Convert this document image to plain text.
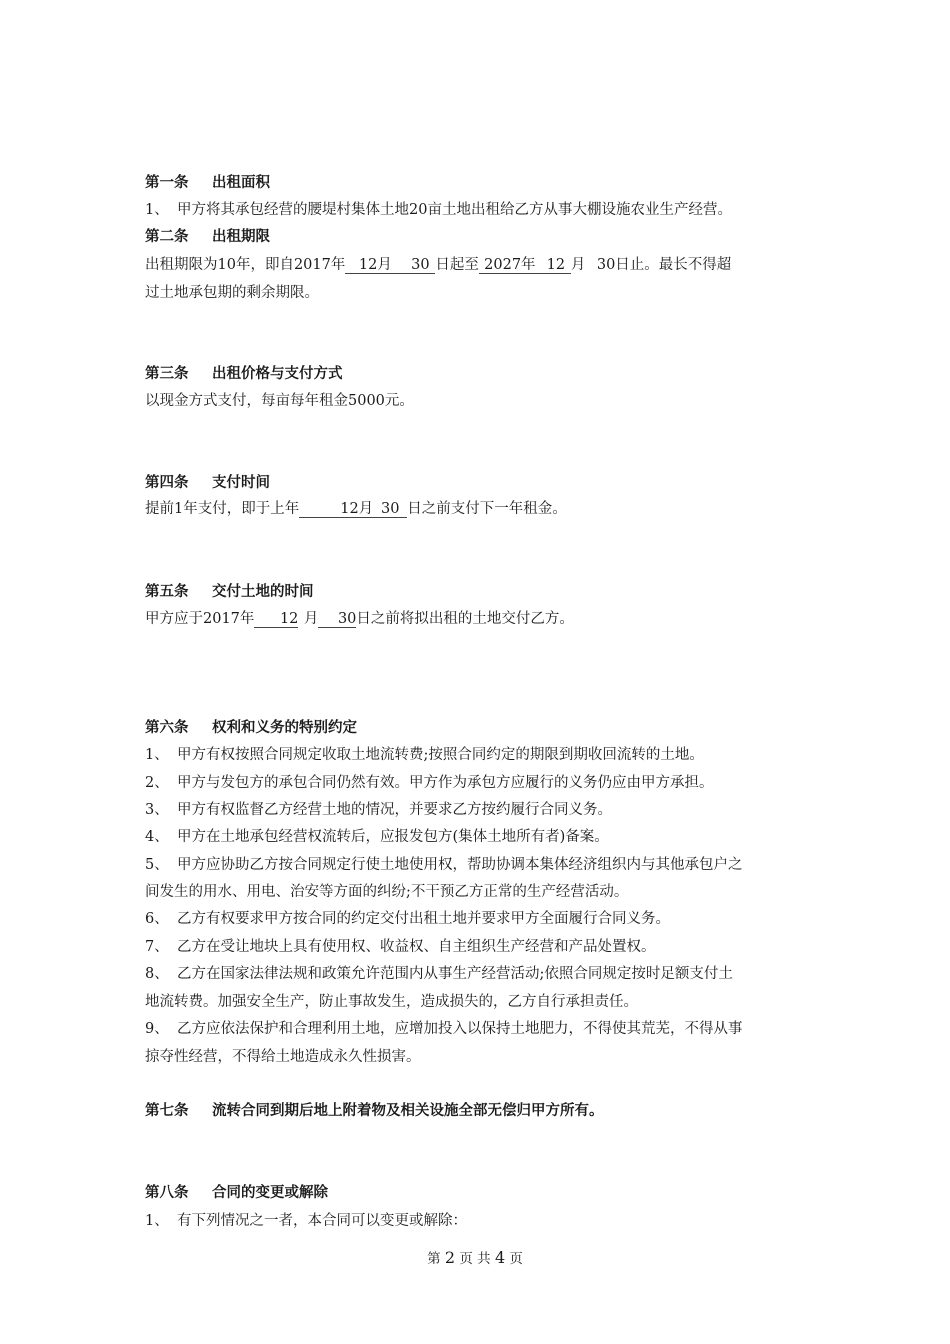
第一条 出租面积
1、 甲方将其承包经营的腰堤村集体土地20亩土地出租给乙方从事大棚设施农业生产经营。
第二条 出租期限
出租期限为10年，即自2017年 12月 30 日起至 2027年 12 月 30日止。最长不得超
过土地承包期的剩余期限。
第三条 出租价格与支付方式
以现金方式支付，每亩每年租金5000元。
第四条 支付时间
提前1年支付，即于上年	12月 30 日之前支付下一年租金。
第五条 交付土地的时间
甲方应于2017年 12 月 30日之前将拟出租的土地交付乙方。
第六条 权利和义务的特别约定
1、 甲方有权按照合同规定收取土地流转费;按照合同约定的期限到期收回流转的土地。
2、 甲方与发包方的承包合同仍然有效。甲方作为承包方应履行的义务仍应由甲方承担。
3、 甲方有权监督乙方经营土地的情况，并要求乙方按约履行合同义务。
4、 甲方在土地承包经营权流转后，应报发包方(集体土地所有者)备案。
5、 甲方应协助乙方按合同规定行使土地使用权，帮助协调本集体经济组织内与其他承包户之
间发生的用水、用电、治安等方面的纠纷;不干预乙方正常的生产经营活动。
6、 乙方有权要求甲方按合同的约定交付出租土地并要求甲方全面履行合同义务。
7、 乙方在受让地块上具有使用权、收益权、自主组织生产经营和产品处置权。
8、 乙方在国家法律法规和政策允许范围内从事生产经营活动;依照合同规定按时足额支付土
地流转费。加强安全生产，防止事故发生，造成损失的，乙方自行承担责任。
9、 乙方应依法保护和合理利用土地，应增加投入以保持土地肥力，不得使其荒芜，不得从事
掠夺性经营，不得给土地造成永久性损害。
第七条 流转合同到期后地上附着物及相关设施全部无偿归甲方所有。
第八条 合同的变更或解除
1、 有下列情况之一者，本合同可以变更或解除：
第 2 页 共 4 页
